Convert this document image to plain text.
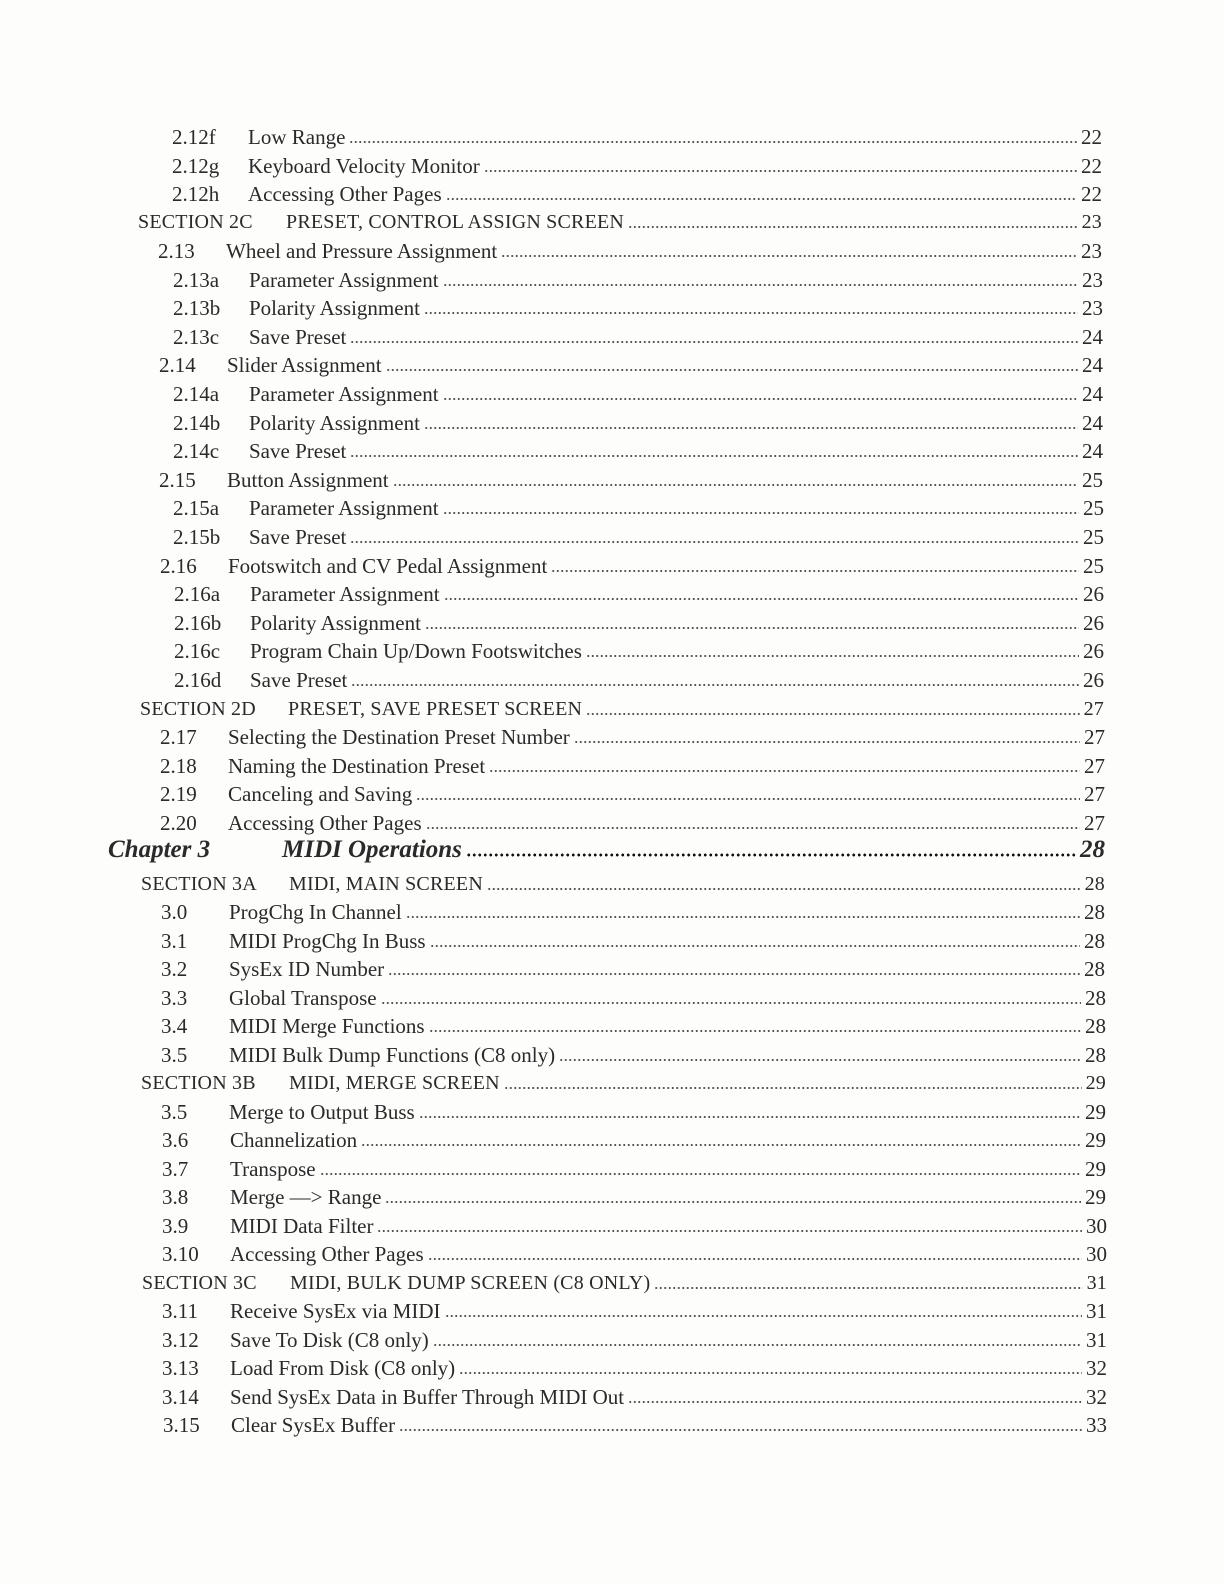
2.12f	Low Range	22
2.12g	Keyboard Velocity Monitor	22
2.12h	Accessing Other Pages	22
SECTION 2C	PRESET, CONTROL ASSIGN SCREEN	23
2.13	Wheel and Pressure Assignment	23
2.13a	Parameter Assignment	23
2.13b	Polarity Assignment	23
2.13c	Save Preset	24
2.14	Slider Assignment	24
2.14a	Parameter Assignment	24
2.14b	Polarity Assignment	24
2.14c	Save Preset	24
2.15	Button Assignment	25
2.15a	Parameter Assignment	25
2.15b	Save Preset	25
2.16	Footswitch and CV Pedal Assignment	25
2.16a	Parameter Assignment	26
2.16b	Polarity Assignment	26
2.16c	Program Chain Up/Down Footswitches	26
2.16d	Save Preset	26
SECTION 2D	PRESET, SAVE PRESET SCREEN	27
2.17	Selecting the Destination Preset Number	27
2.18	Naming the Destination Preset	27
2.19	Canceling and Saving	27
2.20	Accessing Other Pages	27
Chapter 3	MIDI Operations	28
SECTION 3A	MIDI, MAIN SCREEN	28
3.0	ProgChg In Channel	28
3.1	MIDI ProgChg In Buss	28
3.2	SysEx ID Number	28
3.3	Global Transpose	28
3.4	MIDI Merge Functions	28
3.5	MIDI Bulk Dump Functions (C8 only)	28
SECTION 3B	MIDI, MERGE SCREEN	29
3.5	Merge to Output Buss	29
3.6	Channelization	29
3.7	Transpose	29
3.8	Merge —> Range	29
3.9	MIDI Data Filter	30
3.10	Accessing Other Pages	30
SECTION 3C	MIDI, BULK DUMP SCREEN (C8 ONLY)	31
3.11	Receive SysEx via MIDI	31
3.12	Save To Disk (C8 only)	31
3.13	Load From Disk (C8 only)	32
3.14	Send SysEx Data in Buffer Through MIDI Out	32
3.15	Clear SysEx Buffer	33
